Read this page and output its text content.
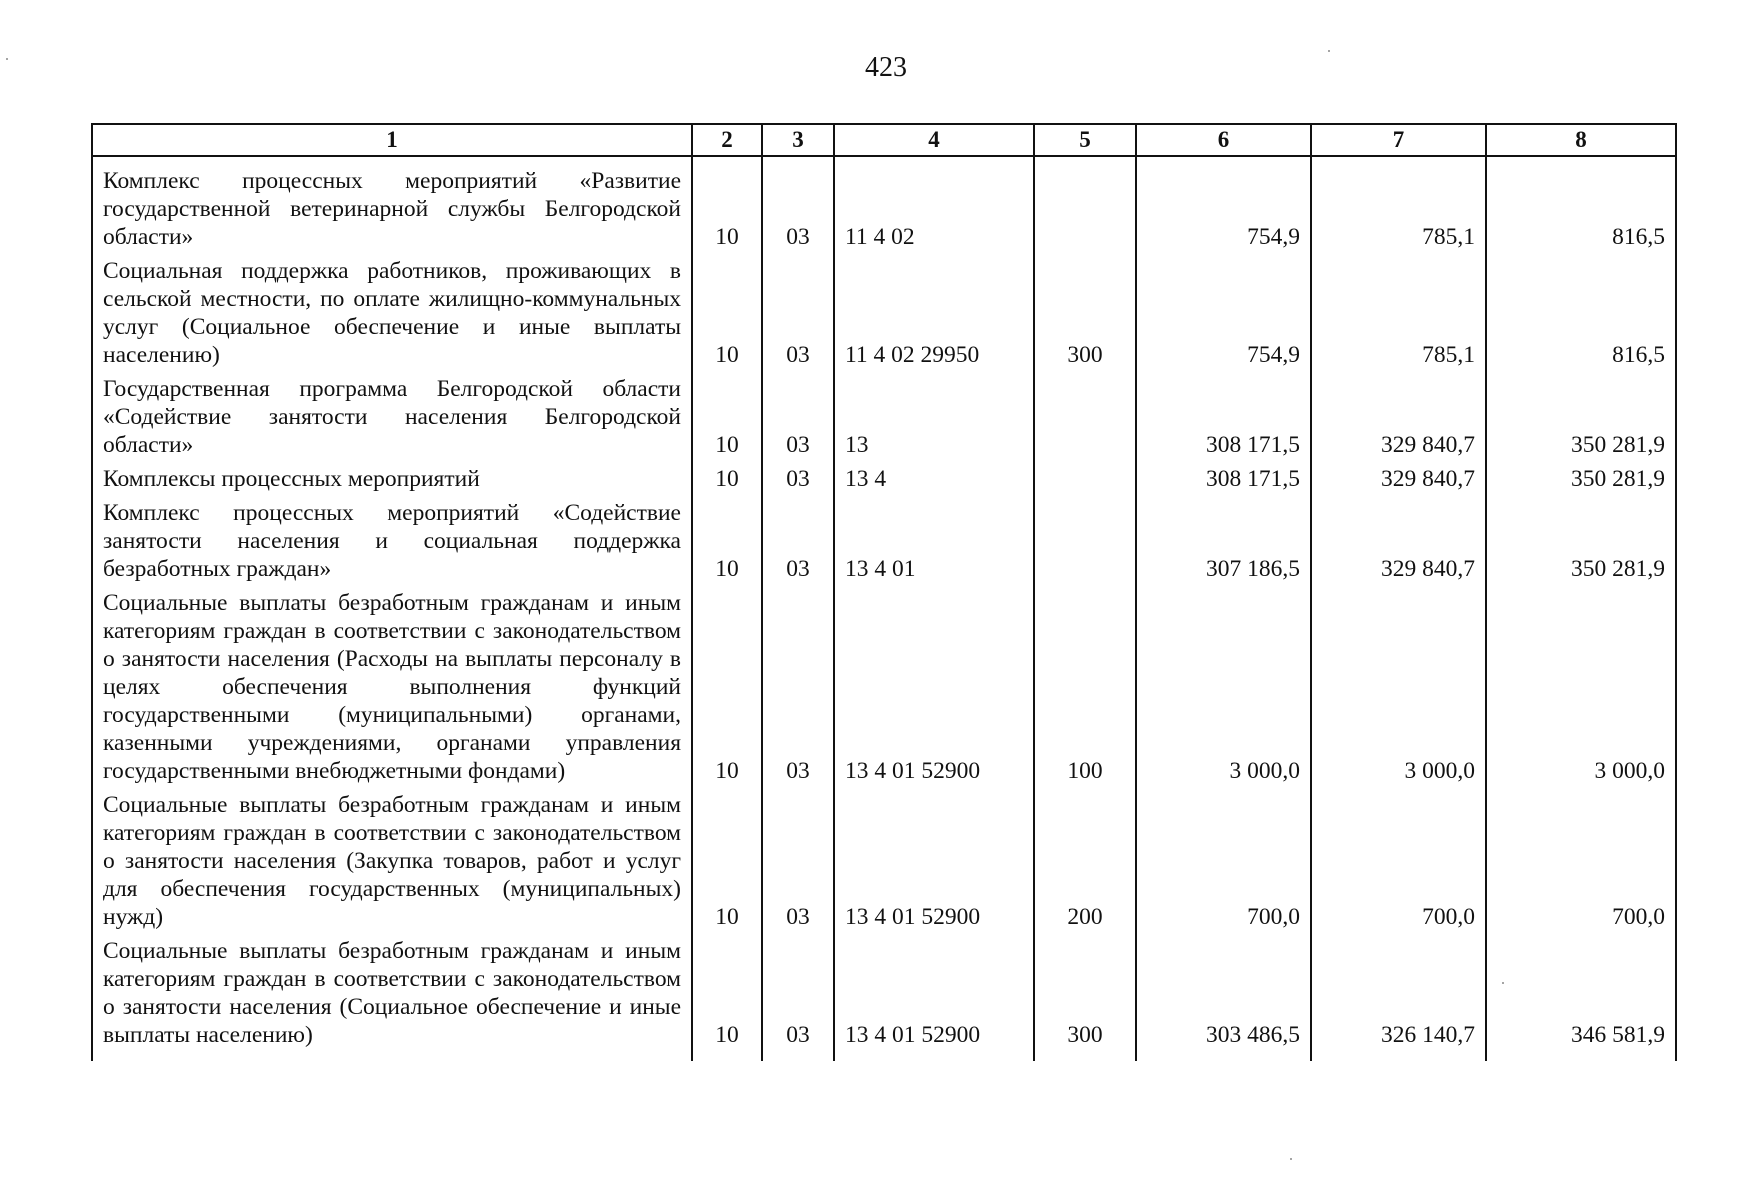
423
1	2	3	4	5	6	7	8
Комплекс процессных мероприятий «Развитие государственной ветеринарной службы Белгородской области»	10	03	11 4 02		754,9	785,1	816,5
Социальная поддержка работников, проживающих в сельской местности, по оплате жилищно-коммунальных услуг (Социальное обеспечение и иные выплаты населению)	10	03	11 4 02 29950	300	754,9	785,1	816,5
Государственная программа Белгородской области «Содействие занятости населения Белгородской области»	10	03	13		308 171,5	329 840,7	350 281,9
Комплексы процессных мероприятий	10	03	13 4		308 171,5	329 840,7	350 281,9
Комплекс процессных мероприятий «Содействие занятости населения и социальная поддержка безработных граждан»	10	03	13 4 01		307 186,5	329 840,7	350 281,9
Социальные выплаты безработным гражданам и иным категориям граждан в соответствии с законодательством о занятости населения (Расходы на выплаты персоналу в целях обеспечения выполнения функций государственными (муниципальными) органами, казенными учреждениями, органами управления государственными внебюджетными фондами)	10	03	13 4 01 52900	100	3 000,0	3 000,0	3 000,0
Социальные выплаты безработным гражданам и иным категориям граждан в соответствии с законодательством о занятости населения (Закупка товаров, работ и услуг для обеспечения государственных (муниципальных) нужд)	10	03	13 4 01 52900	200	700,0	700,0	700,0
Социальные выплаты безработным гражданам и иным категориям граждан в соответствии с законодательством о занятости населения (Социальное обеспечение и иные выплаты населению)	10	03	13 4 01 52900	300	303 486,5	326 140,7	346 581,9
